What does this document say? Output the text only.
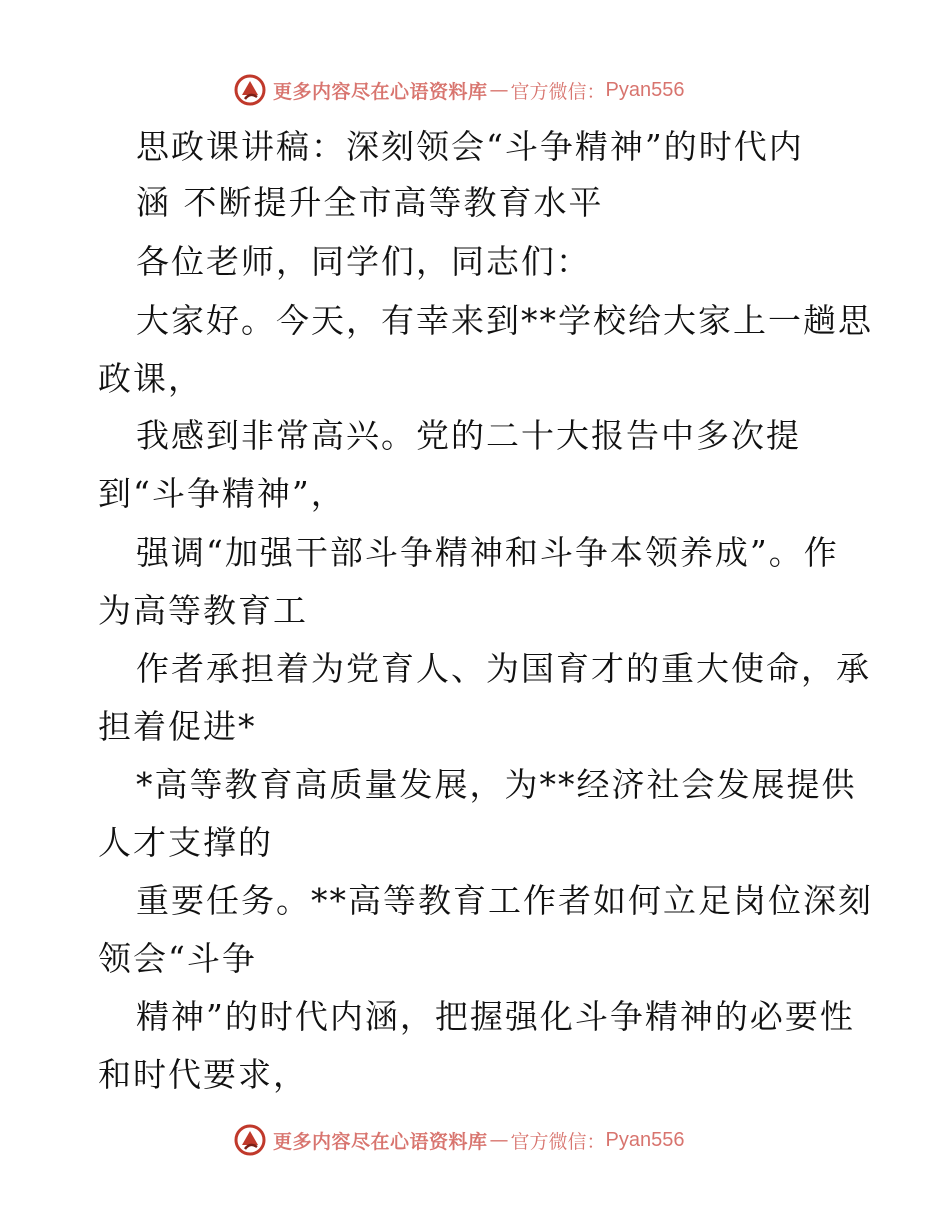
更多内容尽在心语资料库 — 官方微信： Pyan556
思政课讲稿：深刻领会“斗争精神”的时代内
涵 不断提升全市高等教育水平
各位老师，同学们，同志们：
大家好。今天，有幸来到**学校给大家上一趟思
政课，
我感到非常高兴。党的二十大报告中多次提
到“斗争精神”，
强调“加强干部斗争精神和斗争本领养成”。作
为高等教育工
作者承担着为党育人、为国育才的重大使命，承
担着促进*
*高等教育高质量发展，为**经济社会发展提供
人才支撑的
重要任务。**高等教育工作者如何立足岗位深刻
领会“斗争
精神”的时代内涵，把握强化斗争精神的必要性
和时代要求，
更多内容尽在心语资料库 — 官方微信： Pyan556
